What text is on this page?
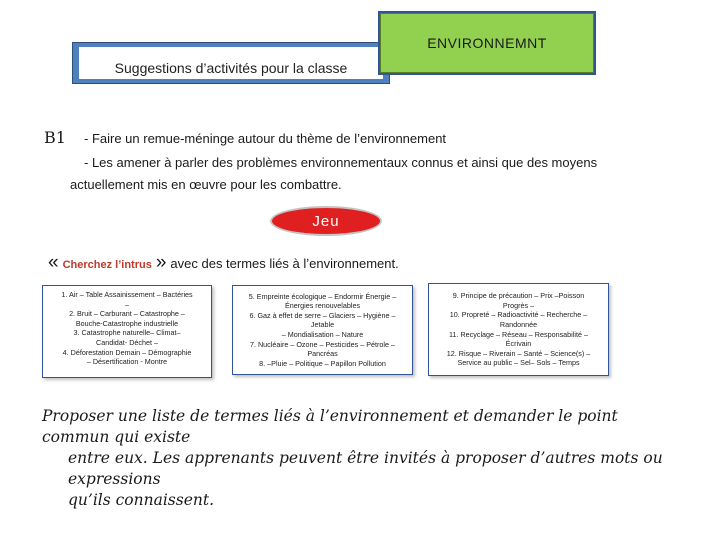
Suggestions d’activités pour la classe
ENVIRONNEMNT
B1 - Faire un remue-méninge autour du thème de l’environnement
- Les amener à parler des problèmes environnementaux connus et ainsi que des moyens
actuellement mis en œuvre pour les combattre.
Jeu
« Cherchez l’intrus » avec des termes liés à l’environnement.

1. Air – Table Assainissement – Bactéries

–

2. Bruit – Carburant – Catastrophe –

Bouche-Catastrophe industrielle

3. Catastrophe naturelle– Climat–

Candidat- Déchet –

4. Déforestation Demain – Démographie

– Désertification - Montre

5. Empreinte écologique – Endormir Énergie –

Énergies renouvelables

6. Gaz à effet de serre – Glaciers – Hygiène – Jetable

– Mondialisation – Nature

7. Nucléaire – Ozone – Pesticides – Pétrole –

Pancréas

8. –Pluie – Politique – Papillon Pollution

9. Principe de précaution – Prix –Poisson

Progrès –

10. Propreté – Radioactivité – Recherche –

Randonnée

11. Recyclage – Réseau – Responsabilité –

Écrivain

12. Risque – Riverain – Santé – Science(s) –

Service au public – Sel– Sols – Temps

Proposer une liste de termes liés à l’environnement et demander le point commun qui existe
entre eux. Les apprenants peuvent être invités à proposer d’autres mots ou expressions
qu’ils connaissent.
